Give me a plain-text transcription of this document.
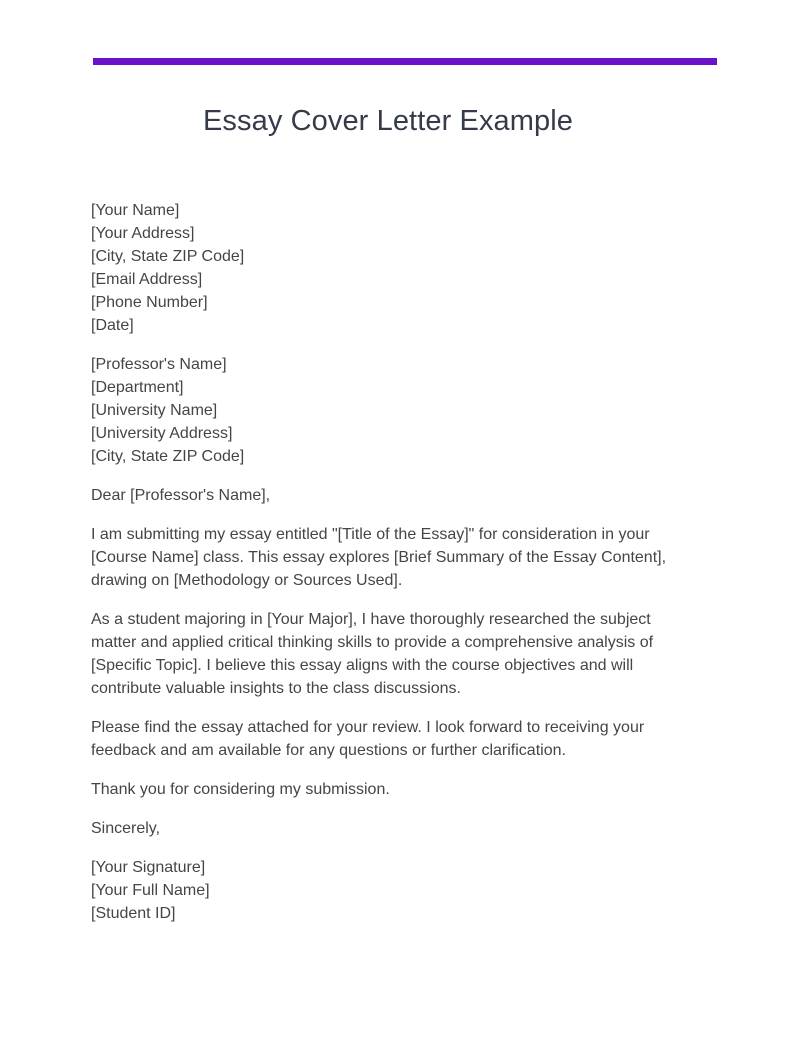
Essay Cover Letter Example
[Your Name]
[Your Address]
[City, State ZIP Code]
[Email Address]
[Phone Number]
[Date]
[Professor's Name]
[Department]
[University Name]
[University Address]
[City, State ZIP Code]
Dear [Professor's Name],
I am submitting my essay entitled "[Title of the Essay]" for consideration in your [Course Name] class. This essay explores [Brief Summary of the Essay Content], drawing on [Methodology or Sources Used].
As a student majoring in [Your Major], I have thoroughly researched the subject matter and applied critical thinking skills to provide a comprehensive analysis of [Specific Topic]. I believe this essay aligns with the course objectives and will contribute valuable insights to the class discussions.
Please find the essay attached for your review. I look forward to receiving your feedback and am available for any questions or further clarification.
Thank you for considering my submission.
Sincerely,
[Your Signature]
[Your Full Name]
[Student ID]
